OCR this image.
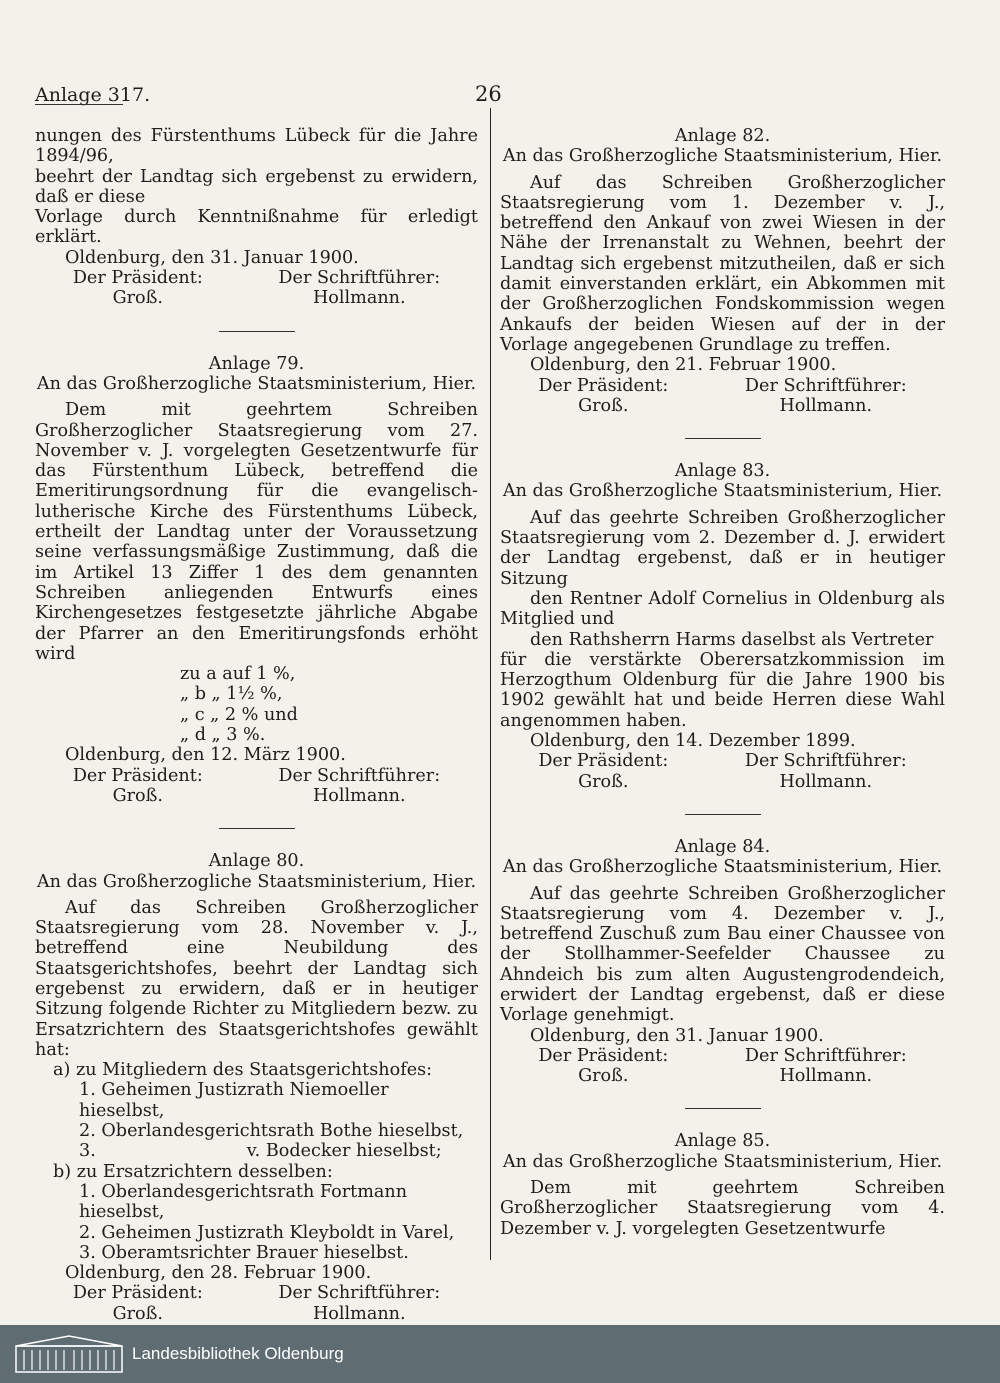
Anlage 317.	26

nungen des Fürstenthums Lübeck für die Jahre 1894/96,

beehrt der Landtag sich ergebenst zu erwidern, daß er diese

Vorlage durch Kenntnißnahme für erledigt erklärt.

Oldenburg, den 31. Januar 1900.

Der Präsident:
Groß.
Der Schriftführer:
Hollmann.

Anlage 79.

An das Großherzogliche Staatsministerium, Hier.

Dem mit geehrtem Schreiben Großherzoglicher Staatsregierung vom 27. November v. J. vorgelegten Gesetzentwurfe für das Fürstenthum Lübeck, betreffend die Emeritirungsordnung für die evangelisch-lutherische Kirche des Fürstenthums Lübeck, ertheilt der Landtag unter der Voraussetzung seine verfassungsmäßige Zustimmung, daß die im Artikel 13 Ziffer 1 des dem genannten Schreiben anliegenden Entwurfs eines Kirchengesetzes festgesetzte jährliche Abgabe der Pfarrer an den Emeritirungsfonds erhöht wird

zu a auf 1 %,
„ b „ 1½ %,
„ c „ 2 % und
„ d „ 3 %.

Oldenburg, den 12. März 1900.

Der Präsident:
Groß.
Der Schriftführer:
Hollmann.

Anlage 80.

An das Großherzogliche Staatsministerium, Hier.

Auf das Schreiben Großherzoglicher Staatsregierung vom 28. November v. J., betreffend eine Neubildung des Staatsgerichtshofes, beehrt der Landtag sich ergebenst zu erwidern, daß er in heutiger Sitzung folgende Richter zu Mitgliedern bezw. zu Ersatzrichtern des Staatsgerichtshofes gewählt hat:

a) zu Mitgliedern des Staatsgerichtshofes:

1. Geheimen Justizrath Niemoeller hieselbst,
2. Oberlandesgerichtsrath Bothe hieselbst,
3.                           v. Bodecker hieselbst;

b) zu Ersatzrichtern desselben:

1. Oberlandesgerichtsrath Fortmann hieselbst,
2. Geheimen Justizrath Kleyboldt in Varel,
3. Oberamtsrichter Brauer hieselbst.

Oldenburg, den 28. Februar 1900.

Der Präsident:
Groß.
Der Schriftführer:
Hollmann.

Anlage 82.

An das Großherzogliche Staatsministerium, Hier.

Auf das Schreiben Großherzoglicher Staatsregierung vom 1. Dezember v. J., betreffend den Ankauf von zwei Wiesen in der Nähe der Irrenanstalt zu Wehnen, beehrt der Landtag sich ergebenst mitzutheilen, daß er sich damit einverstanden erklärt, ein Abkommen mit der Großherzoglichen Fondskommission wegen Ankaufs der beiden Wiesen auf der in der Vorlage angegebenen Grundlage zu treffen.

Oldenburg, den 21. Februar 1900.

Der Präsident:
Groß.
Der Schriftführer:
Hollmann.

Anlage 83.

An das Großherzogliche Staatsministerium, Hier.

Auf das geehrte Schreiben Großherzoglicher Staatsregierung vom 2. Dezember d. J. erwidert der Landtag ergebenst, daß er in heutiger Sitzung

den Rentner Adolf Cornelius in Oldenburg als Mitglied und

den Rathsherrn Harms daselbst als Vertreter

für die verstärkte Oberersatzkommission im Herzogthum Oldenburg für die Jahre 1900 bis 1902 gewählt hat und beide Herren diese Wahl angenommen haben.

Oldenburg, den 14. Dezember 1899.

Der Präsident:
Groß.
Der Schriftführer:
Hollmann.

Anlage 84.

An das Großherzogliche Staatsministerium, Hier.

Auf das geehrte Schreiben Großherzoglicher Staatsregierung vom 4. Dezember v. J., betreffend Zuschuß zum Bau einer Chaussee von der Stollhammer-Seefelder Chaussee zu Ahndeich bis zum alten Augustengrodendeich, erwidert der Landtag ergebenst, daß er diese Vorlage genehmigt.

Oldenburg, den 31. Januar 1900.

Der Präsident:
Groß.
Der Schriftführer:
Hollmann.

Anlage 85.

An das Großherzogliche Staatsministerium, Hier.

Dem mit geehrtem Schreiben Großherzoglicher Staatsregierung vom 4. Dezember v. J. vorgelegten Gesetzentwurfe

Landesbibliothek Oldenburg
